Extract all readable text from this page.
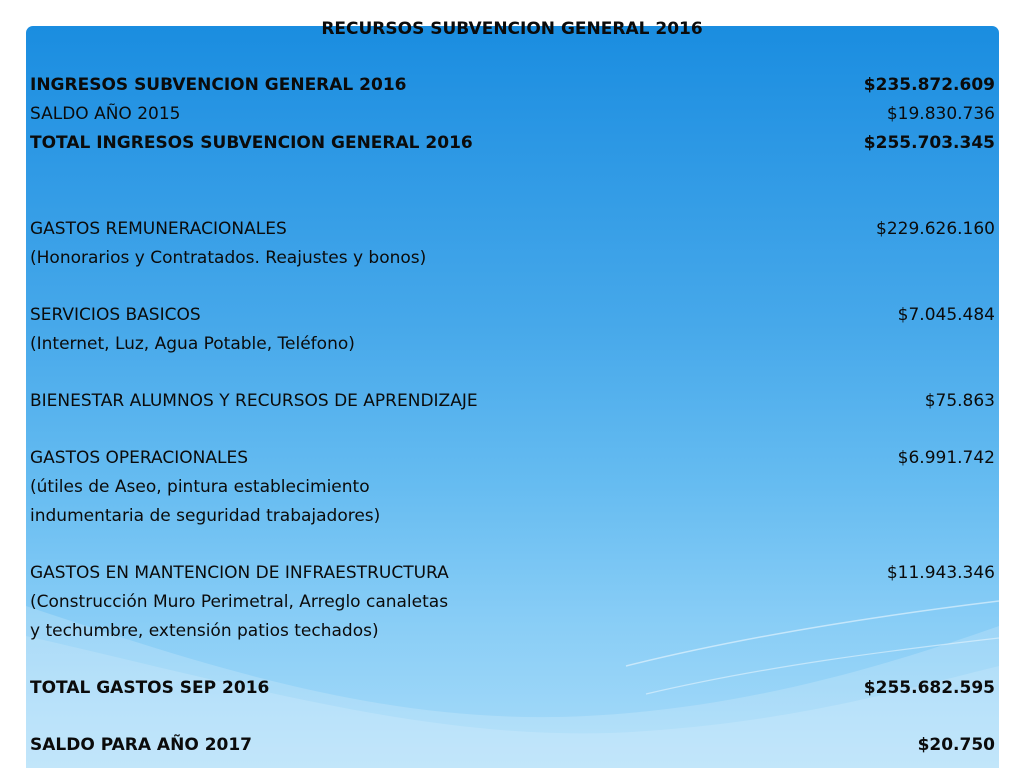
RECURSOS SUBVENCION GENERAL 2016
INGRESOS SUBVENCION GENERAL 2016	$235.872.609
SALDO AÑO 2015	$19.830.736
TOTAL INGRESOS SUBVENCION GENERAL 2016	$255.703.345
GASTOS REMUNERACIONALES	$229.626.160
(Honorarios y Contratados. Reajustes y bonos)
SERVICIOS BASICOS	$7.045.484
(Internet, Luz, Agua Potable, Teléfono)
BIENESTAR ALUMNOS Y RECURSOS DE APRENDIZAJE	$75.863
GASTOS OPERACIONALES	$6.991.742
(útiles de Aseo, pintura establecimiento
indumentaria de seguridad trabajadores)
GASTOS EN MANTENCION DE INFRAESTRUCTURA	$11.943.346
(Construcción Muro Perimetral, Arreglo canaletas
y techumbre, extensión patios techados)
TOTAL GASTOS SEP 2016	$255.682.595
SALDO PARA AÑO 2017	$20.750
